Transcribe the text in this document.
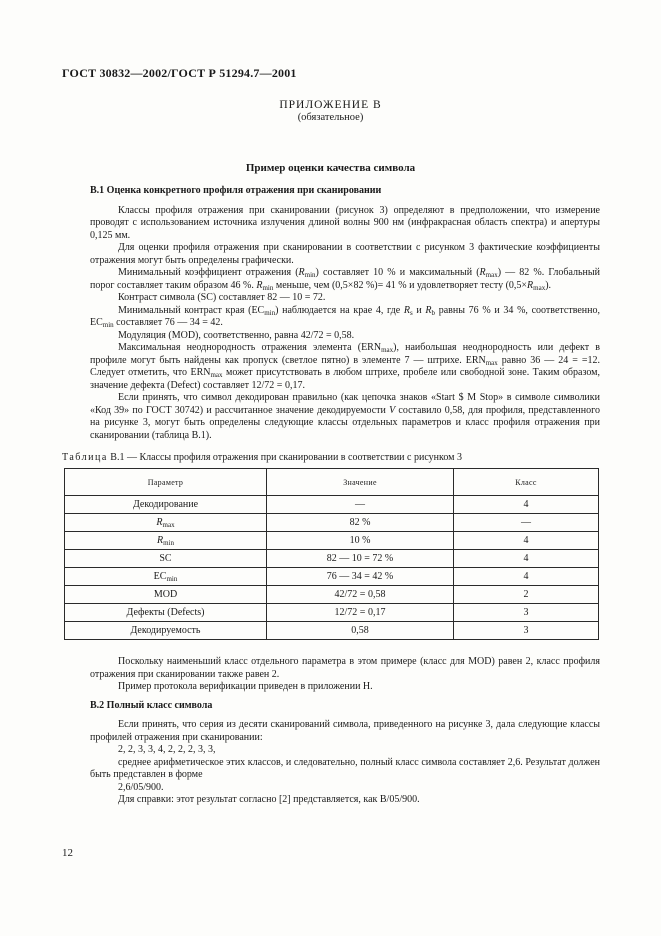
ГОСТ 30832—2002/ГОСТ Р 51294.7—2001
ПРИЛОЖЕНИЕ В
(обязательное)
Пример оценки качества символа

В.1 Оценка конкретного профиля отражения при сканировании

Классы профиля отражения при сканировании (рисунок 3) определяют в предположении, что измерение проводят с использованием источника излучения длиной волны 900 нм (инфракрасная область спектра) и апертуры 0,125 мм.

Для оценки профиля отражения при сканировании в соответствии с рисунком 3 фактические коэффициенты отражения могут быть определены графически.

Минимальный коэффициент отражения $(R_{min})$ составляет 10 % и максимальный $(R_{max})$ — 82 %. Глобальный порог составляет таким образом 46 %. $R_{min}$ меньше, чем (0,5×82 %)= 41 % и удовлетворяет тесту $(0,5\times R_{max})$.

Контраст символа (SC) составляет 82 — 10 = 72.

Минимальный контраст края $(EC_{min})$ наблюдается на крае 4, где $R_s$ и $R_b$ равны 76 % и 34 %, соответственно, $EC_{min}$ составляет 76 — 34 = 42.

Модуляция (MOD), соответственно, равна 42/72 = 0,58.

Максимальная неоднородность отражения элемента $(ERN_{max})$, наибольшая неоднородность или дефект в профиле могут быть найдены как пропуск (светлое пятно) в элементе 7 — штрихе. $ERN_{max}$ равно 36 — 24 = =12. Следует отметить, что $ERN_{max}$ может присутствовать в любом штрихе, пробеле или свободной зоне. Таким образом, значение дефекта (Defect) составляет 12/72 = 0,17.

Если принять, что символ декодирован правильно (как цепочка знаков «Start $ M Stop» в символе символики «Код 39» по ГОСТ 30742) и рассчитанное значение декодируемости V составило 0,58, для профиля, представленного на рисунке 3, могут быть определены следующие классы отдельных параметров и класс профиля отражения при сканировании (таблица В.1).

Таблица В.1 — Классы профиля отражения при сканировании в соответствии с рисунком 3
Параметр	Значение	Класс
Декодирование	—	4
$R_{max}$	82 %	—
$R_{min}$	10 %	4
SC	82 — 10 = 72 %	4
$EC_{min}$	76 — 34 = 42 %	4
MOD	42/72 = 0,58	2
Дефекты (Defects)	12/72 = 0,17	3
Декодируемость	0,58	3

Поскольку наименьший класс отдельного параметра в этом примере (класс для MOD) равен 2, класс профиля отражения при сканировании также равен 2.

Пример протокола верификации приведен в приложении Н.

В.2 Полный класс символа

Если принять, что серия из десяти сканирований символа, приведенного на рисунке 3, дала следующие классы профилей отражения при сканировании:

2, 2, 3, 3, 4, 2, 2, 2, 3, 3,

среднее арифметическое этих классов, и следовательно, полный класс символа составляет 2,6. Результат должен быть представлен в форме

2,6/05/900.

Для справки: этот результат согласно [2] представляется, как В/05/900.

12
